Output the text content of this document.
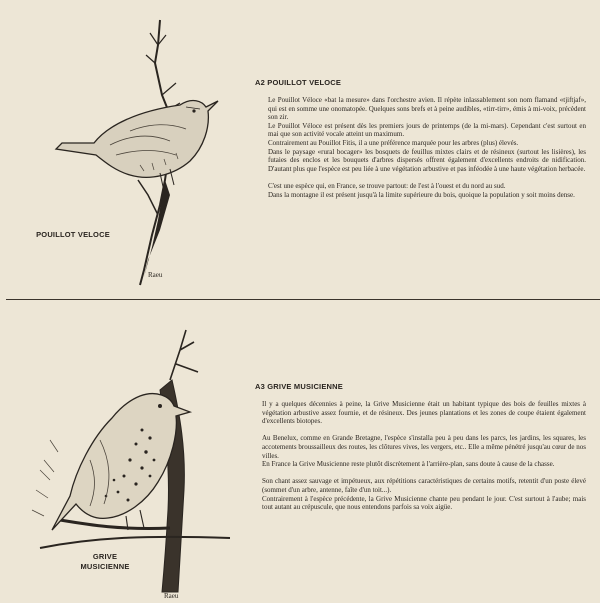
Raeu
POUILLOT VELOCE
A2 POUILLOT VELOCE

Le Pouillot Véloce «bat la mesure» dans l'orchestre avien. Il répète inlassablement son nom flamand «tjiftjaf», qui est en somme une onomatopée. Quelques sons brefs et à peine audibles, «tirr-tirr», émis à mi-voix, précèdent son zir.

Le Pouillot Véloce est présent dès les premiers jours de printemps (de la mi-mars). Cependant c'est surtout en mai que son activité vocale atteint un maximum.

Contrairement au Pouillot Fitis, il a une préférence marquée pour les arbres (plus) élevés.

Dans le paysage «rural bocager» les bosquets de feuillus mixtes clairs et de résineux (surtout les lisières), les futaies des enclos et les bouquets d'arbres dispersés offrent également d'excellents endroits de nidification. D'autant plus que l'espèce est peu liée à une végétation arbustive et pas inféodée à une haute végétation herbacée.

C'est une espèce qui, en France, se trouve partout: de l'est à l'ouest et du nord au sud.

Dans la montagne il est présent jusqu'à la limite supérieure du bois, quoique la population y soit moins dense.

Raeu
GRIVE
MUSICIENNE
A3 GRIVE MUSICIENNE

Il y a quelques décennies à peine, la Grive Musicienne était un habitant typique des bois de feuilles mixtes à végétation arbustive assez fournie, et de résineux. Des jeunes plantations et les zones de coupe étaient également d'excellents biotopes.

Au Benelux, comme en Grande Bretagne, l'espèce s'installa peu à peu dans les parcs, les jardins, les squares, les accotements broussailleux des routes, les clôtures vives, les vergers, etc.. Elle a même pénétré jusqu'au cœur de nos villes.

En France la Grive Musicienne reste plutôt discrètement à l'arrière-plan, sans doute à cause de la chasse.

Son chant assez sauvage et impétueux, aux répétitions caractéristiques de certains motifs, retentit d'un poste élevé (sommet d'un arbre, antenne, faîte d'un toit...).

Contrairement à l'espèce précédente, la Grive Musicienne chante peu pendant le jour. C'est surtout à l'aube; mais tout autant au crépuscule, que nous entendons parfois sa voix aigüe.
